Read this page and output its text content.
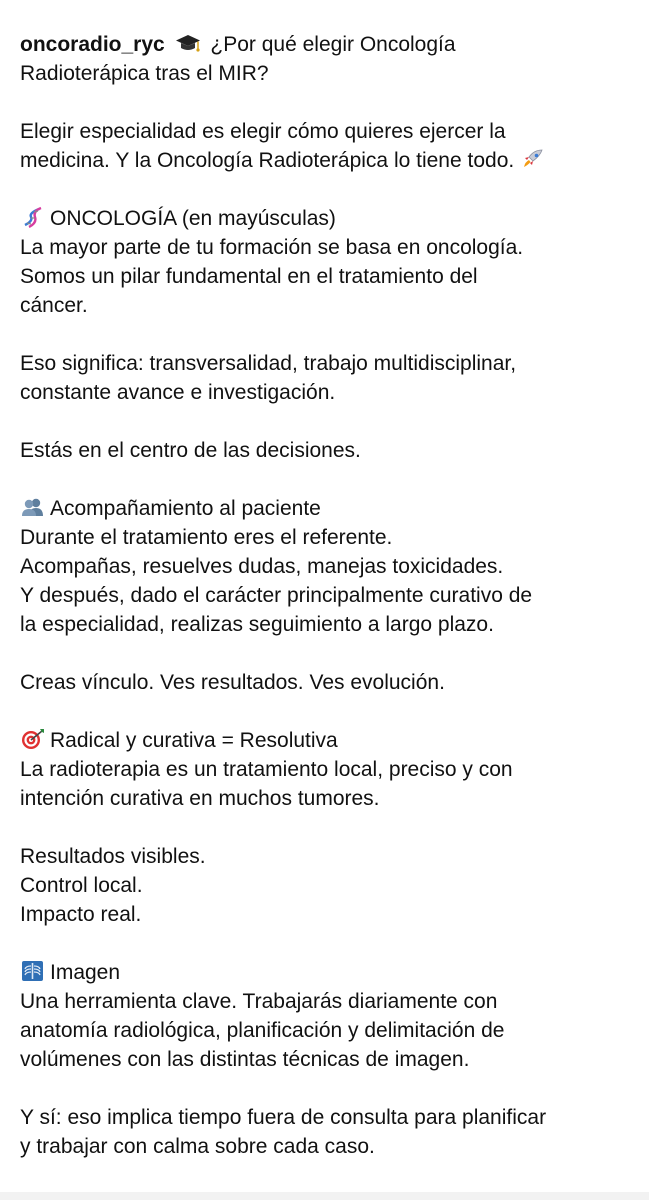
oncoradio_ryc ¿Por qué elegir Oncología
Radioterápica tras el MIR?
Elegir especialidad es elegir cómo quieres ejercer la
medicina. Y la Oncología Radioterápica lo tiene todo.
ONCOLOGÍA (en mayúsculas)
La mayor parte de tu formación se basa en oncología.
Somos un pilar fundamental en el tratamiento del
cáncer.
Eso significa: transversalidad, trabajo multidisciplinar,
constante avance e investigación.
Estás en el centro de las decisiones.
Acompañamiento al paciente
Durante el tratamiento eres el referente.
Acompañas, resuelves dudas, manejas toxicidades.
Y después, dado el carácter principalmente curativo de
la especialidad, realizas seguimiento a largo plazo.
Creas vínculo. Ves resultados. Ves evolución.
Radical y curativa = Resolutiva
La radioterapia es un tratamiento local, preciso y con
intención curativa en muchos tumores.
Resultados visibles.
Control local.
Impacto real.
Imagen
Una herramienta clave. Trabajarás diariamente con
anatomía radiológica, planificación y delimitación de
volúmenes con las distintas técnicas de imagen.
Y sí: eso implica tiempo fuera de consulta para planificar
y trabajar con calma sobre cada caso.
